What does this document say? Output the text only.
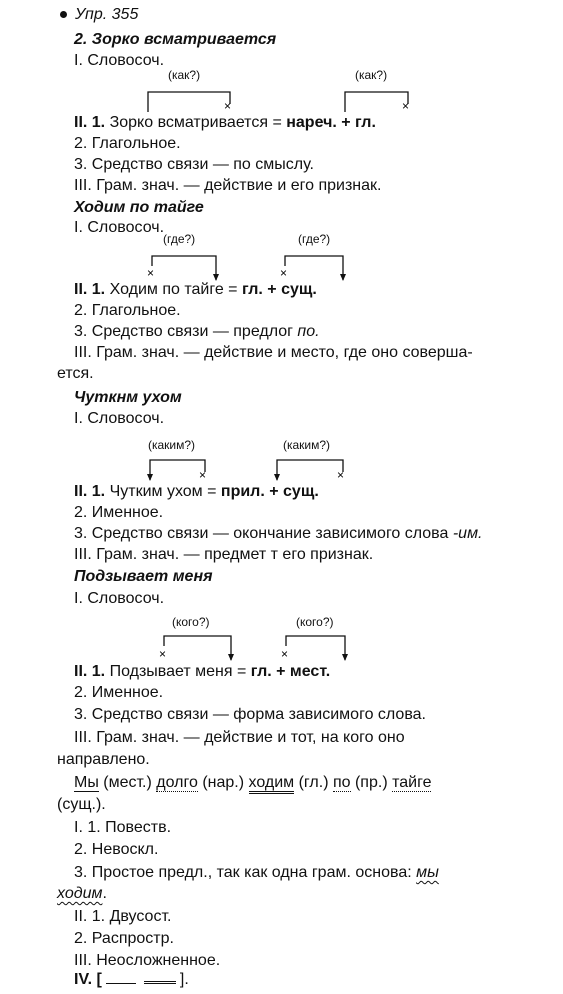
Упр. 355
2. Зорко всматривается
I. Словосоч.
(как?)	(как?)
×	×
II. 1. Зорко всматривается = нареч. + гл.
2. Глагольное.
3. Средство связи — по смыслу.
III. Грам. знач. — действие и его признак.
Ходим по тайге
I. Словосоч.
(где?)	(где?)
×	×
II. 1. Ходим по тайге = гл. + сущ.
2. Глагольное.
3. Средство связи — предлог по.
III. Грам. знач. — действие и место, где оно соверша-
ется.
Чуткнм ухом
I. Словосоч.
(каким?)	(каким?)
×	×
II. 1. Чутким ухом = прил. + сущ.
2. Именное.
3. Средство связи — окончание зависимого слова -им.
III. Грам. знач. — предмет т его признак.
Подзывает меня
I. Словосоч.
(кого?)	(кого?)
×	×
II. 1. Подзывает меня = гл. + мест.
2. Именное.
3. Средство связи — форма зависимого слова.
III. Грам. знач. — действие и тот, на кого оно
направлено.
Мы (мест.) долго (нар.) ходим (гл.) по (пр.) тайге
(сущ.).
I. 1. Повеств.
2. Невоскл.
3. Простое предл., так как одна грам. основа: мы
ходим.
II. 1. Двусост.
2. Распростр.
III. Неосложненное.
IV. [	].
